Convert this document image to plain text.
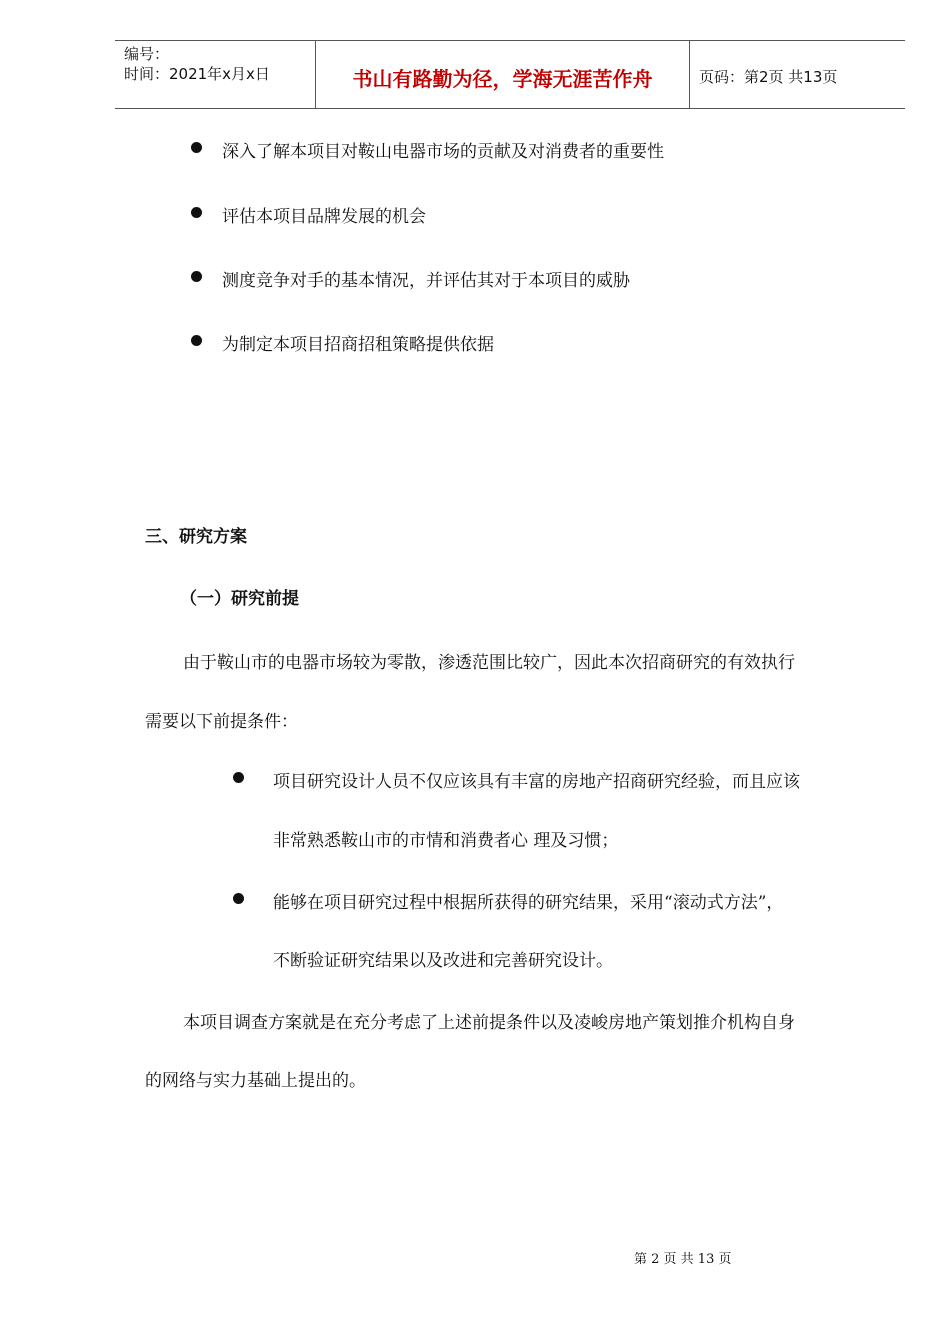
编号：
时间：2021年x月x日	书山有路勤为径，学海无涯苦作舟	页码：第2页 共13页
深入了解本项目对鞍山电器市场的贡献及对消费者的重要性
评估本项目品牌发展的机会
测度竞争对手的基本情况，并评估其对于本项目的威胁
为制定本项目招商招租策略提供依据
三、研究方案
（一）研究前提
由于鞍山市的电器市场较为零散，渗透范围比较广，因此本次招商研究的有效执行
需要以下前提条件：
项目研究设计人员不仅应该具有丰富的房地产招商研究经验，而且应该
非常熟悉鞍山市的市情和消费者心 理及习惯；
能够在项目研究过程中根据所获得的研究结果，采用“滚动式方法”，
不断验证研究结果以及改进和完善研究设计。
本项目调查方案就是在充分考虑了上述前提条件以及凌峻房地产策划推介机构自身
的网络与实力基础上提出的。
第 2 页 共 13 页
